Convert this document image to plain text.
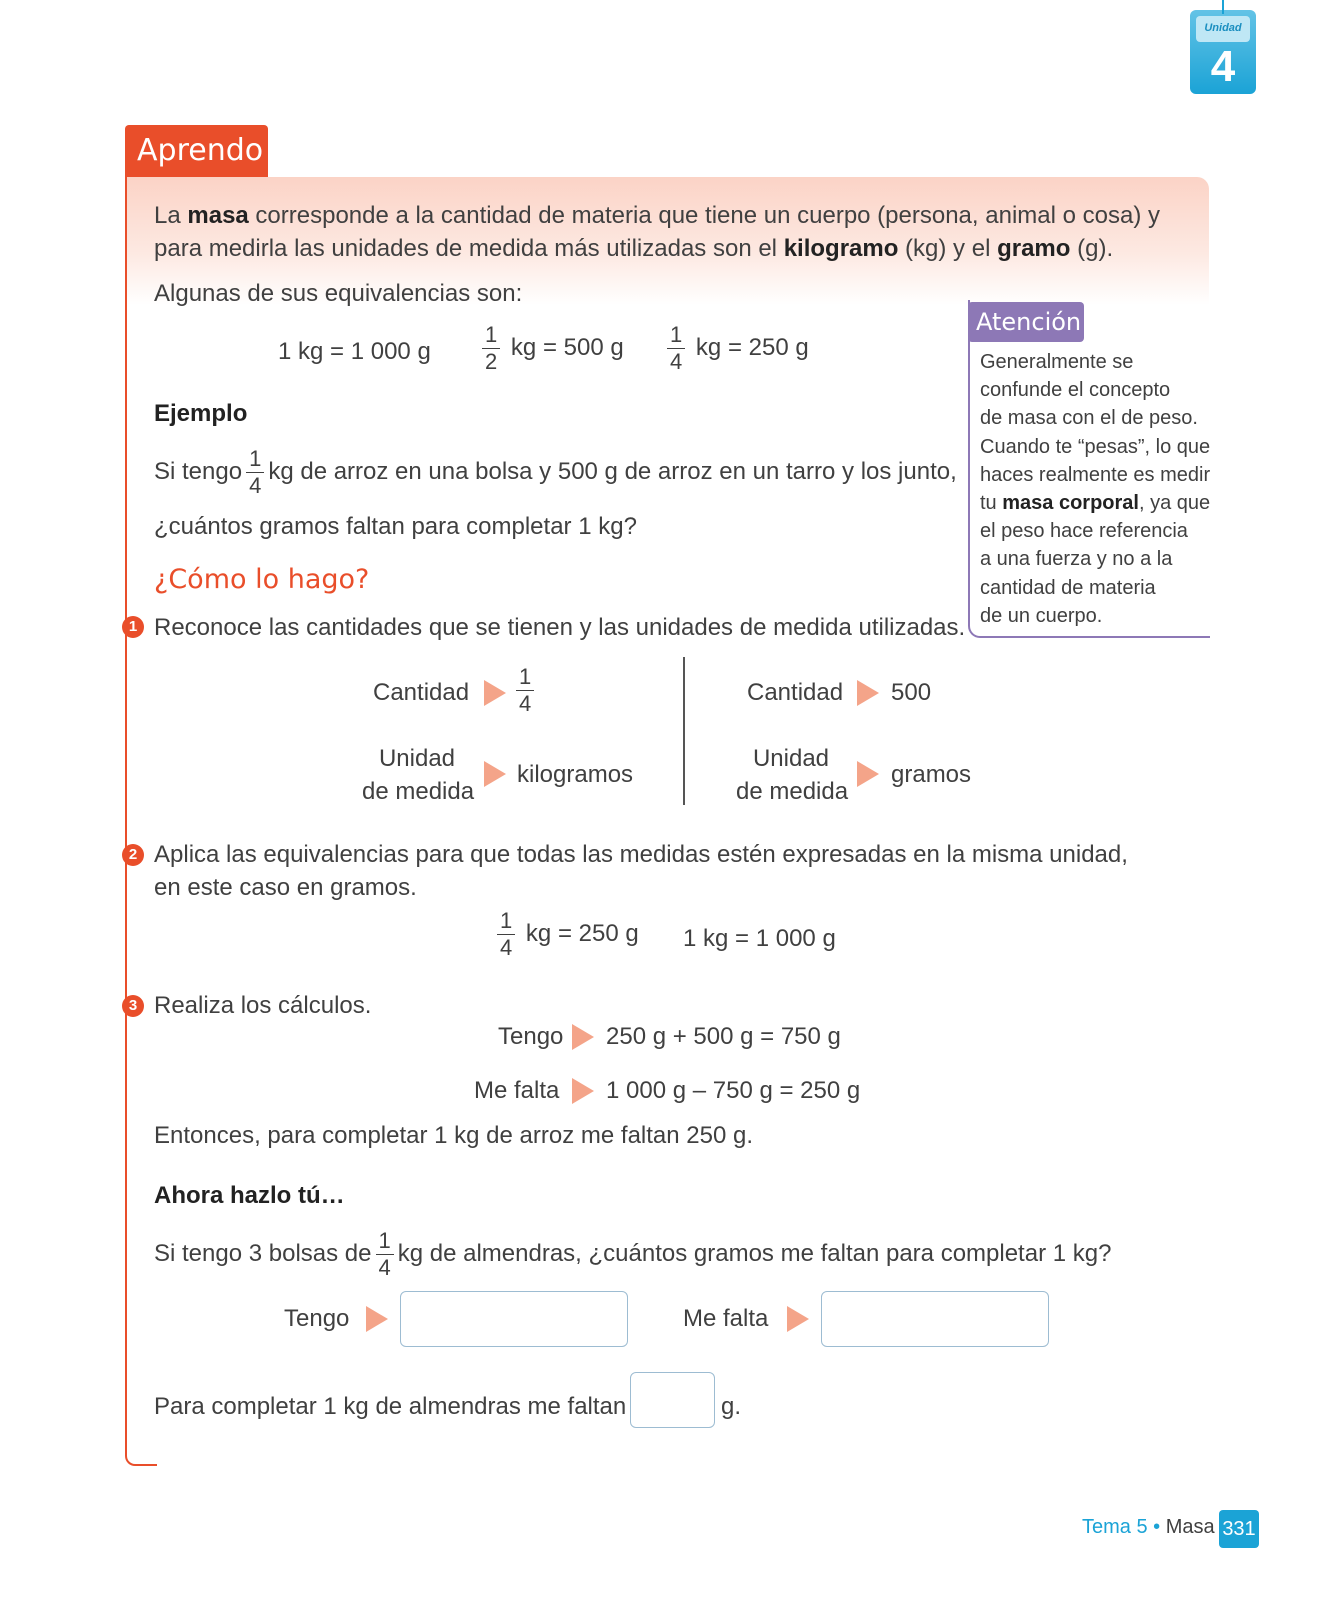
Unidad
4
Aprendo
La masa corresponde a la cantidad de materia que tiene un cuerpo (persona, animal o cosa) y
para medirla las unidades de medida más utilizadas son el kilogramo (kg) y el gramo (g).
Algunas de sus equivalencias son:
1 kg = 1 000 g $\frac{1}{2}$ kg = 500 g $\frac{1}{4}$ kg = 250 g
Ejemplo
Si tengo $\frac{1}{4}$ kg de arroz en una bolsa y 500 g de arroz en un tarro y los junto,
¿cuántos gramos faltan para completar 1 kg?
¿Cómo lo hago?
1 Reconoce las cantidades que se tienen y las unidades de medida utilizadas.
Cantidad $\frac{1}{4}$
Unidad
de medida
kilogramos
Cantidad 500
Unidad
de medida
gramos
2 Aplica las equivalencias para que todas las medidas estén expresadas en la misma unidad,
en este caso en gramos.
$\frac{1}{4}$ kg = 250 g 1 kg = 1 000 g
3 Realiza los cálculos.
Tengo 250 g + 500 g = 750 g
Me falta 1 000 g – 750 g = 250 g
Entonces, para completar 1 kg de arroz me faltan 250 g.
Ahora hazlo tú…
Si tengo 3 bolsas de $\frac{1}{4}$ kg de almendras, ¿cuántos gramos me faltan para completar 1 kg?
Tengo	Me falta
Para completar 1 kg de almendras me faltan	g.
Atención
Generalmente se
confunde el concepto
de masa con el de peso.
Cuando te “pesas”, lo que
haces realmente es medir
tu masa corporal, ya que
el peso hace referencia
a una fuerza y no a la
cantidad de materia
de un cuerpo.
Tema 5 • Masa 331
